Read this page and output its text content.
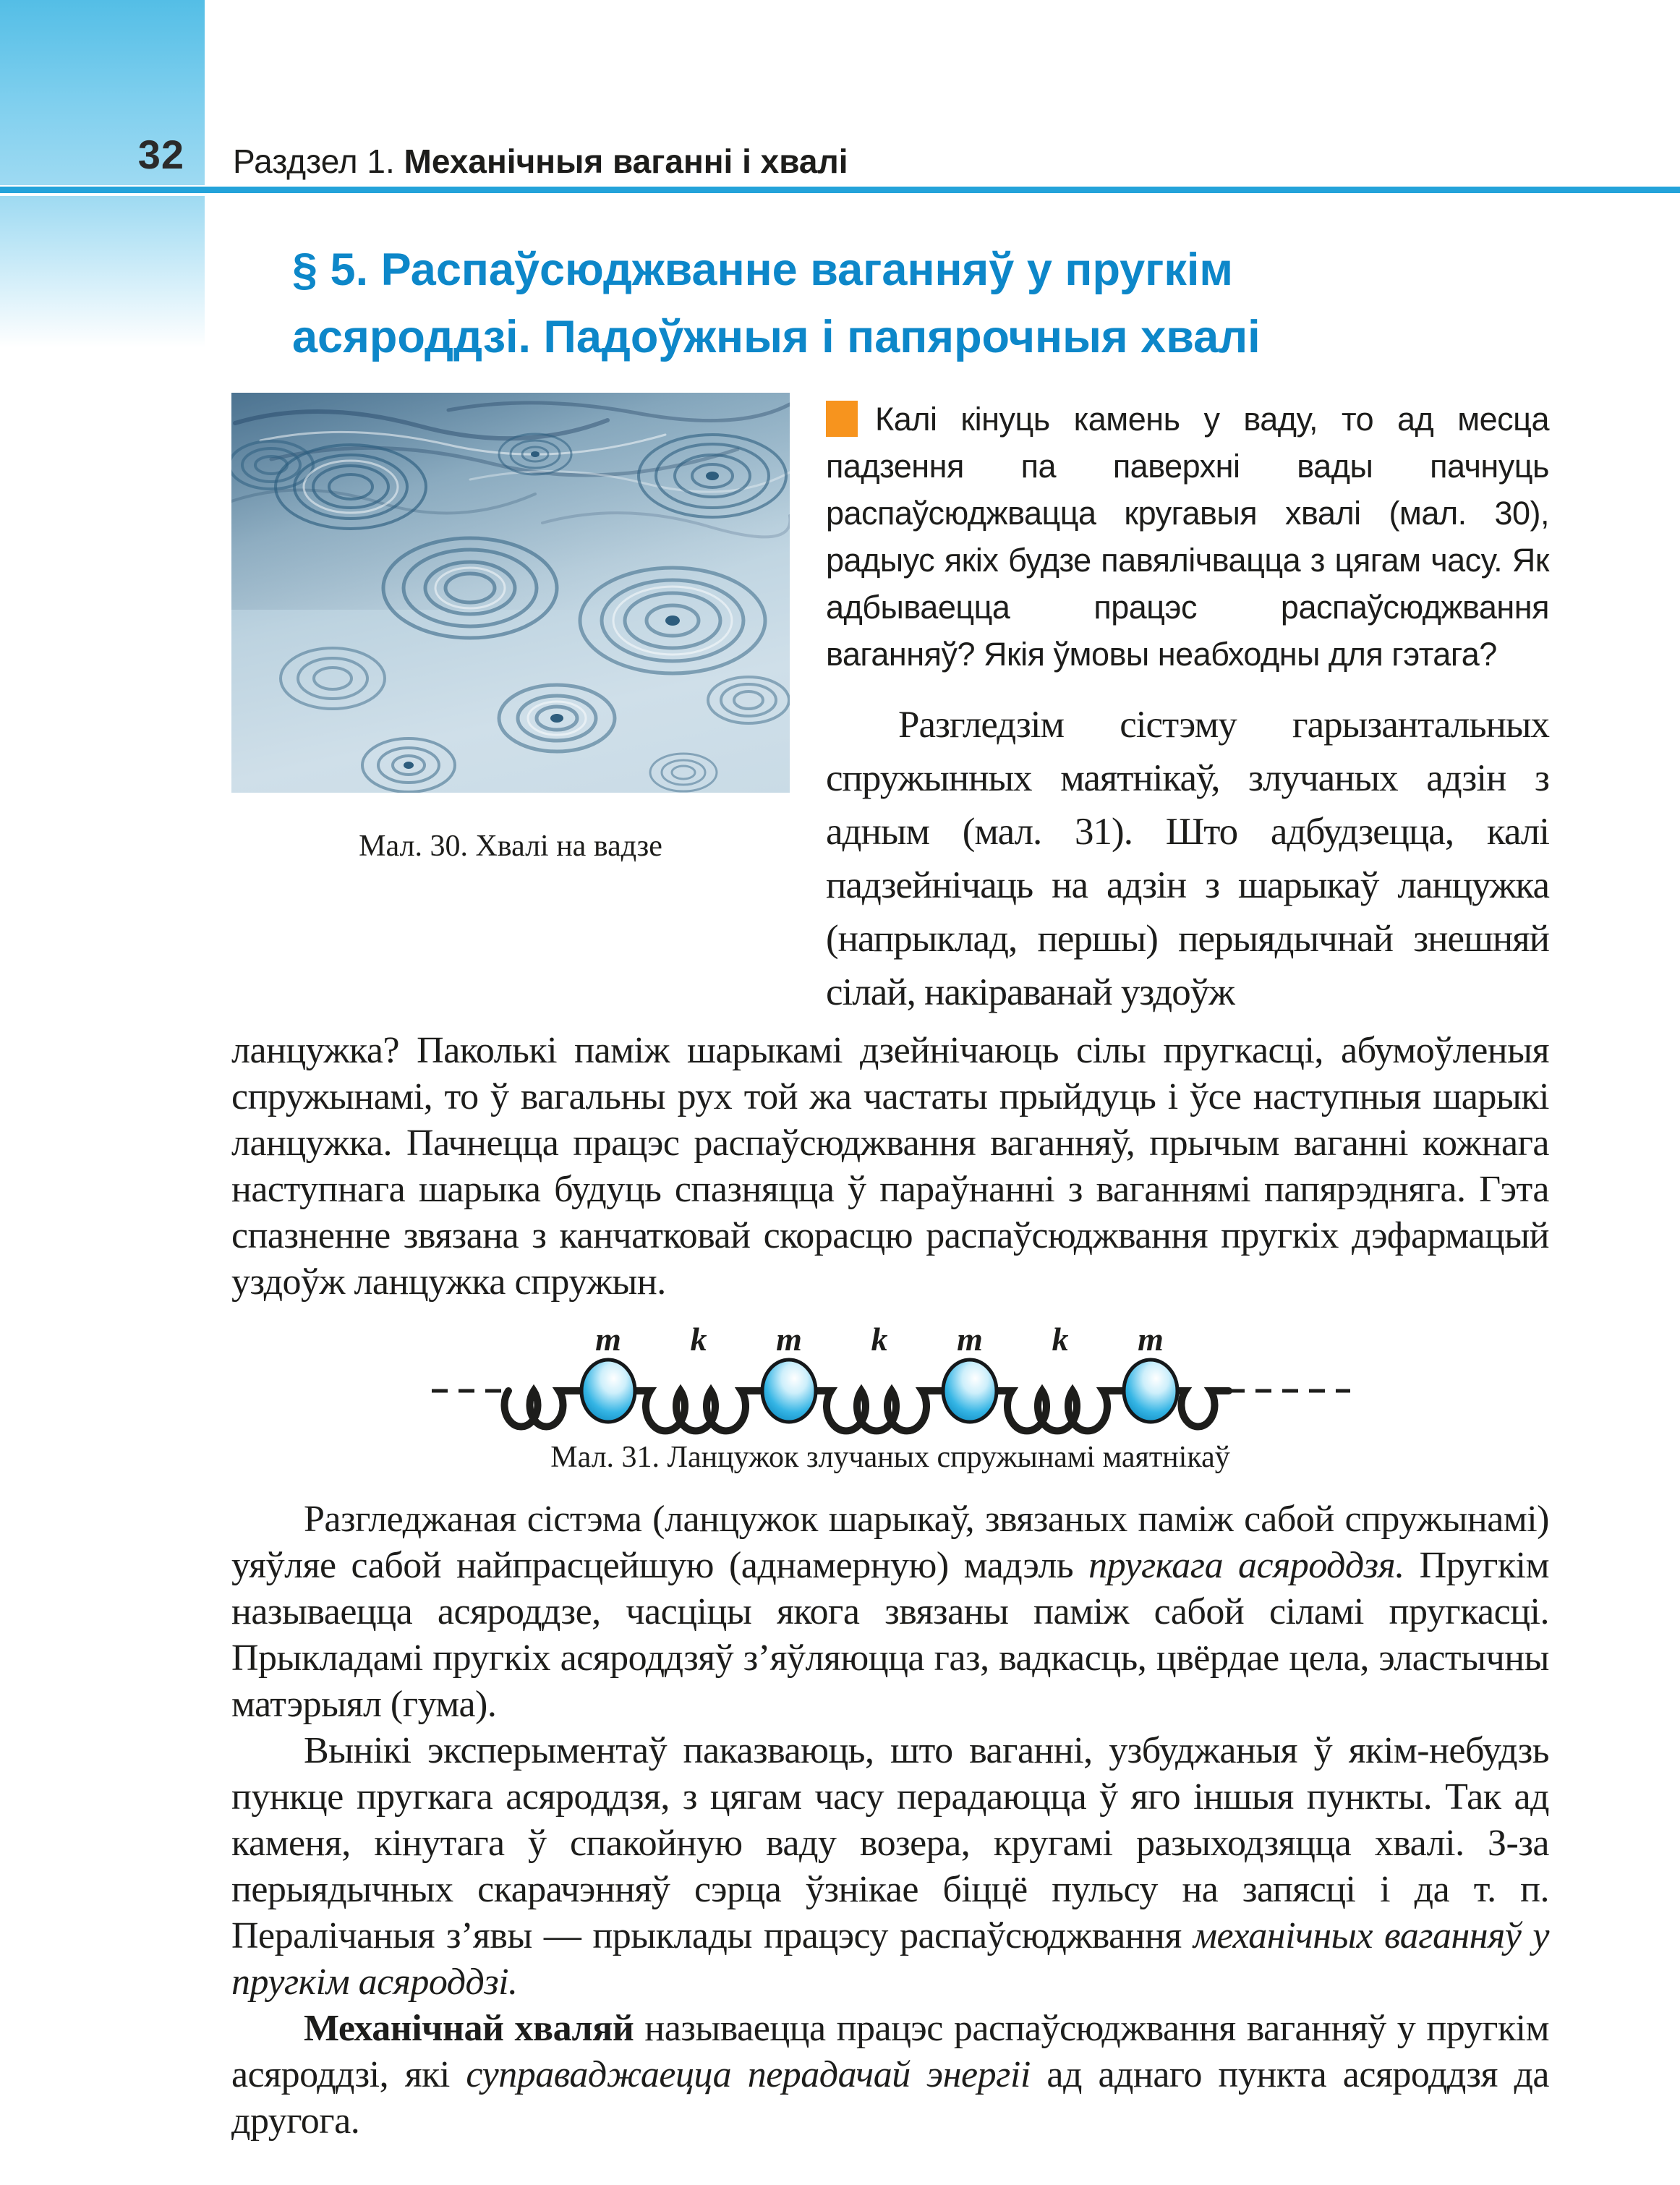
32 Раздзел 1. Механічныя ваганні і хвалі
§ 5. Распаўсюджванне ваганняў у пругкім
асяроддзі. Падоўжныя і папярочныя хвалі
Мал. 30. Хвалі на вадзе

Калі кінуць камень у ваду, то ад месца падзення па паверхні вады пачнуць распаўсюджвацца кругавыя хвалі (мал. 30), радыус якіх будзе павялічвацца з цягам часу. Як адбываецца працэс распаўсюджвання ваганняў? Якія ўмовы неабходны для гэтага?

Разгледзім сістэму гарызантальных спружынных маятнікаў, злучаных адзін з адным (мал. 31). Што адбудзецца, калі падзейнічаць на адзін з шарыкаў ланцужка (напрыклад, першы) перыядычнай знешняй сілай, накіраванай уздоўж

ланцужка? Паколькі паміж шарыкамі дзейнічаюць сілы пругкасці, абумоўленыя спружынамі, то ў вагальны рух той жа частаты прыйдуць і ўсе наступныя шарыкі ланцужка. Пачнецца працэс распаўсюджвання ваганняў, прычым ваганні кожнага наступнага шарыка будуць спазняцца ў параўнанні з ваганнямі папярэдняга. Гэта спазненне звязана з канчатковай скорасцю распаўсюджвання пругкіх дэфармацый уздоўж ланцужка спружын.

m k m k m k m
Мал. 31. Ланцужок злучаных спружынамі маятнікаў

Разгледжаная сістэма (ланцужок шарыкаў, звязаных паміж сабой спружынамі) уяўляе сабой найпрасцейшую (аднамерную) мадэль пругкага асяроддзя. Пругкім называецца асяроддзе, часціцы якога звязаны паміж сабой сіламі пругкасці. Прыкладамі пругкіх асяроддзяў з’яўляюцца газ, вадкасць, цвёрдае цела, эластычны матэрыял (гума).

Вынікі эксперыментаў паказваюць, што ваганні, узбуджаныя ў якім-небудзь пункце пругкага асяроддзя, з цягам часу перадаюцца ў яго іншыя пункты. Так ад каменя, кінутага ў спакойную ваду возера, кругамі разыходзяцца хвалі. З-за перыядычных скарачэнняў сэрца ўзнікае біццё пульсу на запясці і да т. п. Пералічаныя з’явы — прыклады працэсу распаўсюджвання механічных ваганняў у пругкім асяроддзі.

Механічнай хваляй называецца працэс распаўсюджвання ваганняў у пругкім асяроддзі, які суправаджаецца перадачай энергіі ад аднаго пункта асяроддзя да другога.
